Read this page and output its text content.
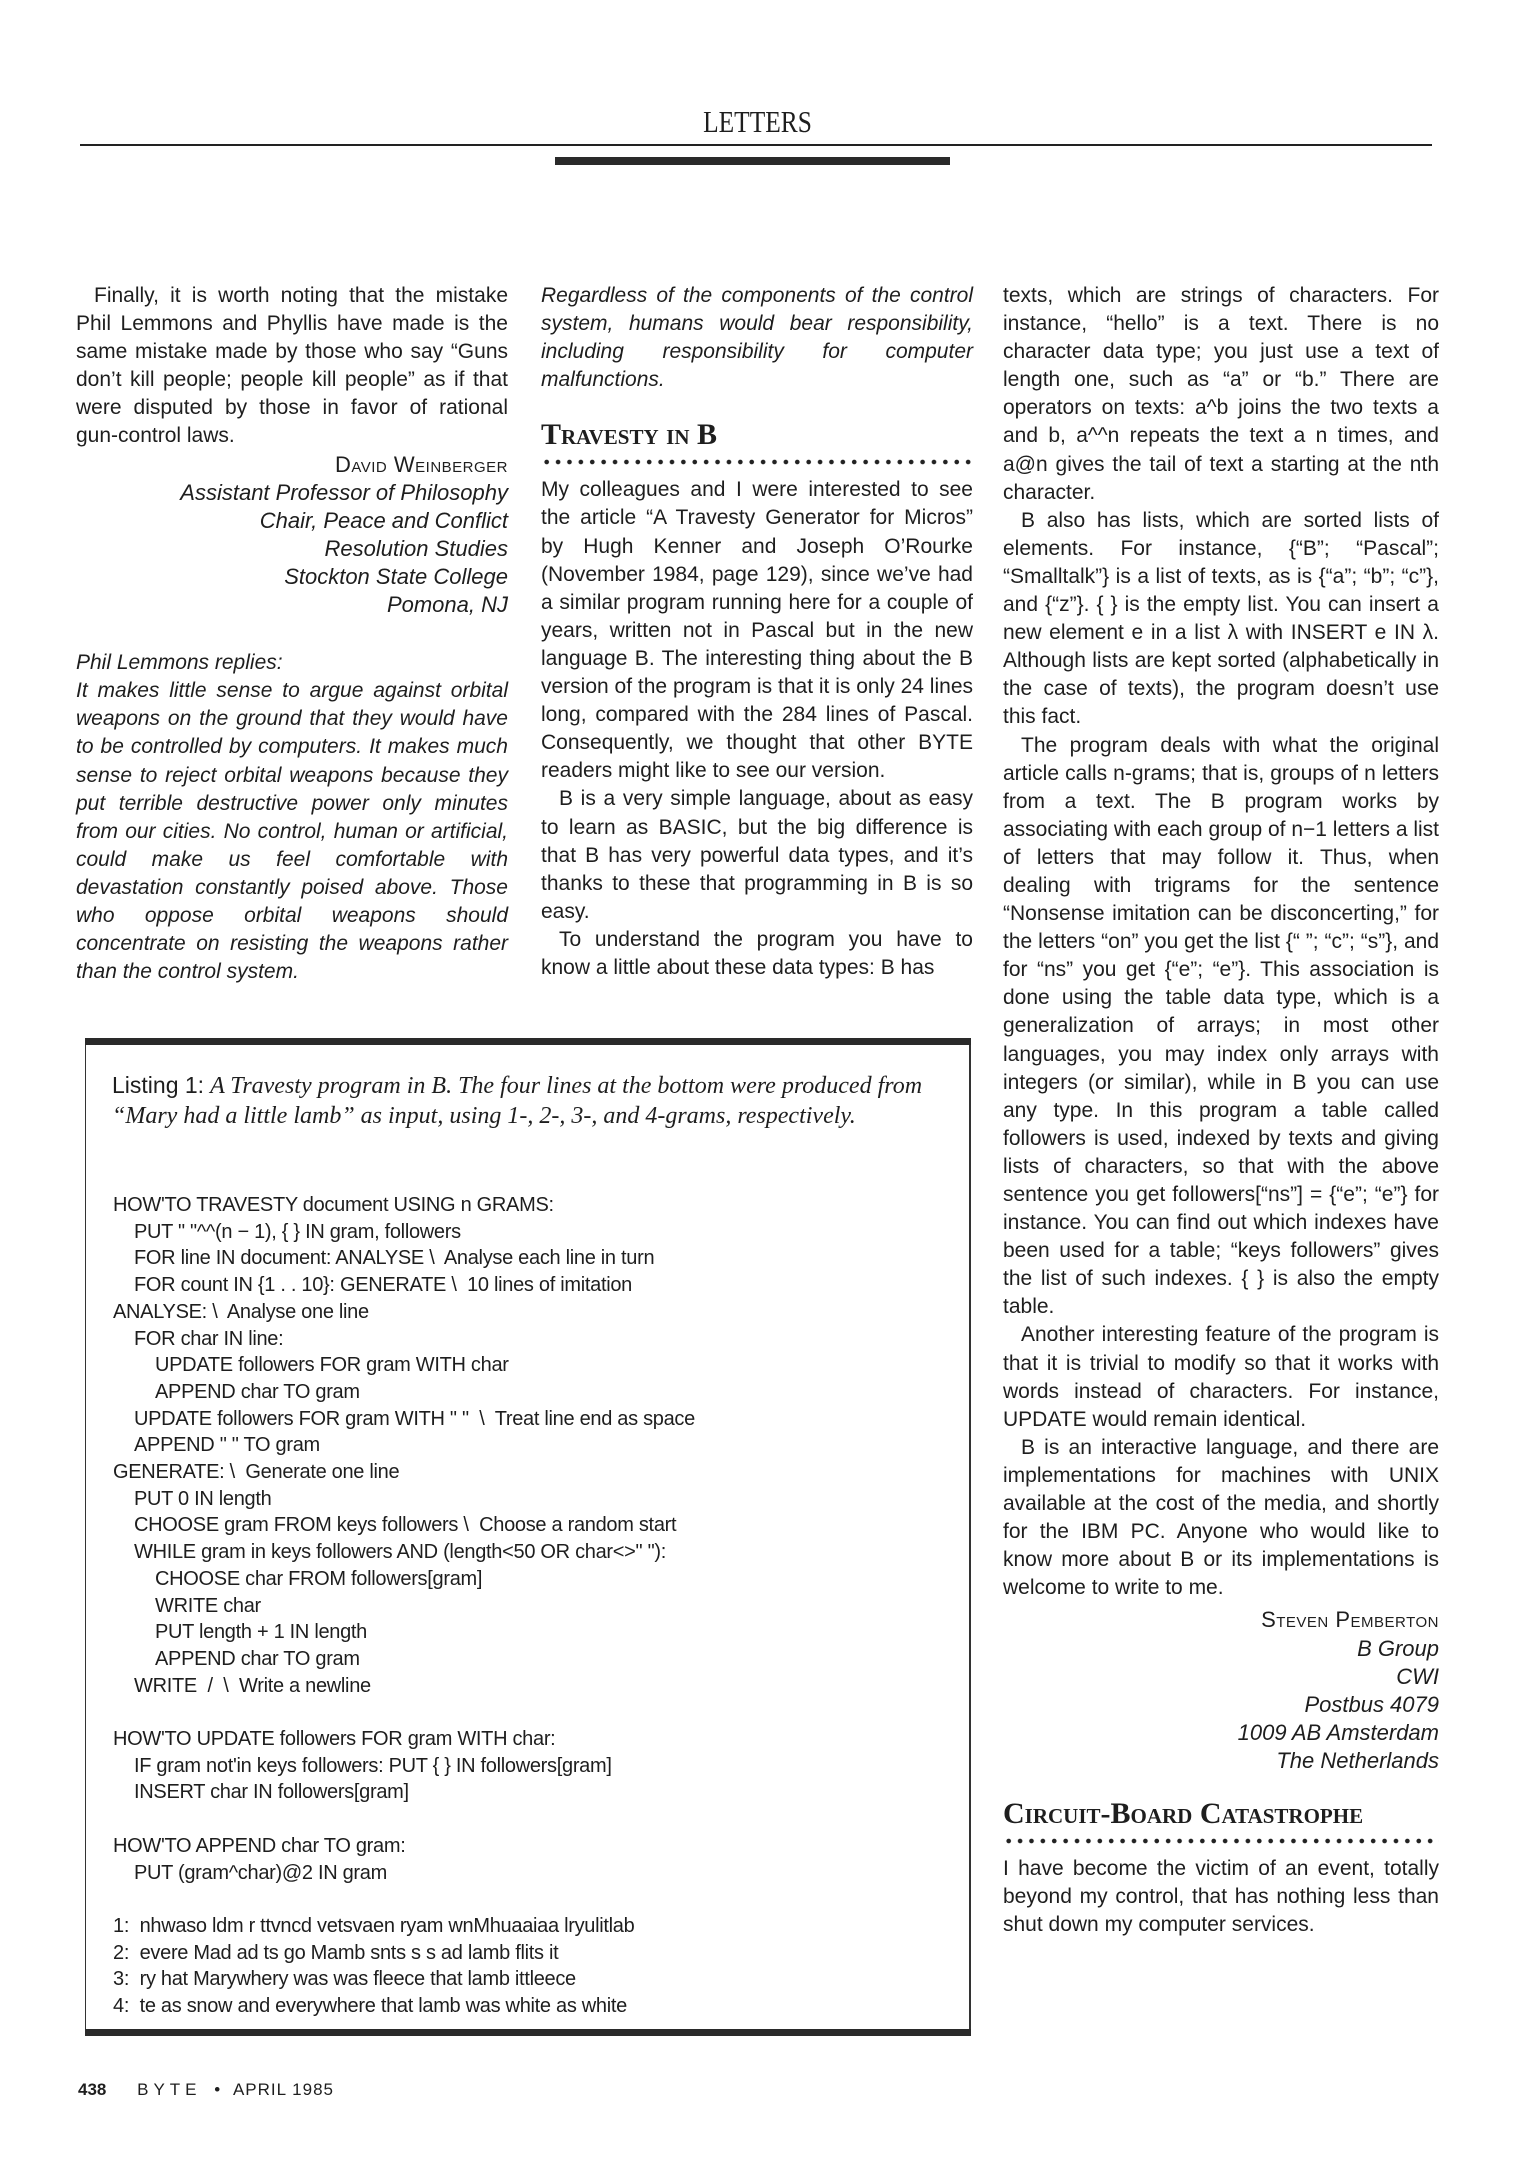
LETTERS

Finally, it is worth noting that the mistake Phil Lemmons and Phyllis have made is the same mistake made by those who say “Guns don’t kill people; people kill people” as if that were disputed by those in favor of rational gun-control laws.

David Weinberger
Assistant Professor of Philosophy
Chair, Peace and Conflict
Resolution Studies
Stockton State College
Pomona, NJ

Phil Lemmons replies:

It makes little sense to argue against orbital weapons on the ground that they would have to be controlled by computers. It makes much sense to reject orbital weapons because they put terrible destructive power only minutes from our cities. No control, human or artificial, could make us feel comfortable with devastation constantly poised above. Those who oppose orbital weapons should concentrate on resisting the weapons rather than the control system.

Regardless of the components of the control system, humans would bear responsibility, including responsibility for computer malfunctions.

Travesty in B

My colleagues and I were interested to see the article “A Travesty Generator for Micros” by Hugh Kenner and Joseph O’Rourke (November 1984, page 129), since we’ve had a similar program running here for a couple of years, written not in Pascal but in the new language B. The interesting thing about the B version of the program is that it is only 24 lines long, compared with the 284 lines of Pascal. Consequently, we thought that other BYTE readers might like to see our version.

B is a very simple language, about as easy to learn as BASIC, but the big difference is that B has very powerful data types, and it’s thanks to these that programming in B is so easy.

To understand the program you have to know a little about these data types: B has

texts, which are strings of characters. For instance, “hello” is a text. There is no character data type; you just use a text of length one, such as “a” or “b.” There are operators on texts: a^b joins the two texts a and b, a^^n repeats the text a n times, and a@n gives the tail of text a starting at the nth character.

B also has lists, which are sorted lists of elements. For instance, {“B”; “Pascal”; “Smalltalk”} is a list of texts, as is {“a”; “b”; “c”}, and {“z”}. { } is the empty list. You can insert a new element e in a list λ with INSERT e IN λ. Although lists are kept sorted (alphabetically in the case of texts), the program doesn’t use this fact.

The program deals with what the original article calls n-grams; that is, groups of n letters from a text. The B program works by associating with each group of n−1 letters a list of letters that may follow it. Thus, when dealing with trigrams for the sentence “Nonsense imitation can be disconcerting,” for the letters “on” you get the list {“ ”; “c”; “s”}, and for “ns” you get {“e”; “e”}. This association is done using the table data type, which is a generalization of arrays; in most other languages, you may index only arrays with integers (or similar), while in B you can use any type. In this program a table called followers is used, indexed by texts and giving lists of characters, so that with the above sentence you get followers[“ns”] = {“e”; “e”} for instance. You can find out which indexes have been used for a table; “keys followers” gives the list of such indexes. { } is also the empty table.

Another interesting feature of the program is that it is trivial to modify so that it works with words instead of characters. For instance, UPDATE would remain identical.

B is an interactive language, and there are implementations for machines with UNIX available at the cost of the media, and shortly for the IBM PC. Anyone who would like to know more about B or its implementations is welcome to write to me.

Steven Pemberton
B Group
CWI
Postbus 4079
1009 AB Amsterdam
The Netherlands
Circuit-Board Catastrophe

I have become the victim of an event, totally beyond my control, that has nothing less than shut down my computer services.

Listing 1: A Travesty program in B. The four lines at the bottom were produced from “Mary had a little lamb” as input, using 1-, 2-, 3-, and 4-grams, respectively.
HOW'TO TRAVESTY document USING n GRAMS:
PUT " "^^(n − 1), { } IN gram, followers
FOR line IN document: ANALYSE \  Analyse each line in turn
FOR count IN {1 . . 10}: GENERATE \  10 lines of imitation
ANALYSE: \  Analyse one line
FOR char IN line:
UPDATE followers FOR gram WITH char
APPEND char TO gram
UPDATE followers FOR gram WITH " "  \  Treat line end as space
APPEND " " TO gram
GENERATE: \  Generate one line
PUT 0 IN length
CHOOSE gram FROM keys followers \  Choose a random start
WHILE gram in keys followers AND (length<50 OR char<>" "):
CHOOSE char FROM followers[gram]
WRITE char
PUT length + 1 IN length
APPEND char TO gram
WRITE  /  \  Write a newline
HOW'TO UPDATE followers FOR gram WITH char:
IF gram not'in keys followers: PUT { } IN followers[gram]
INSERT char IN followers[gram]
HOW'TO APPEND char TO gram:
PUT (gram^char)@2 IN gram
1:  nhwaso ldm r ttvncd vetsvaen ryam wnMhuaaiaa lryulitlab
2:  evere Mad ad ts go Mamb snts s s ad lamb flits it
3:  ry hat Marywhery was was fleece that lamb ittleece
4:  te as snow and everywhere that lamb was white as white
438 BYTE • APRIL 1985
